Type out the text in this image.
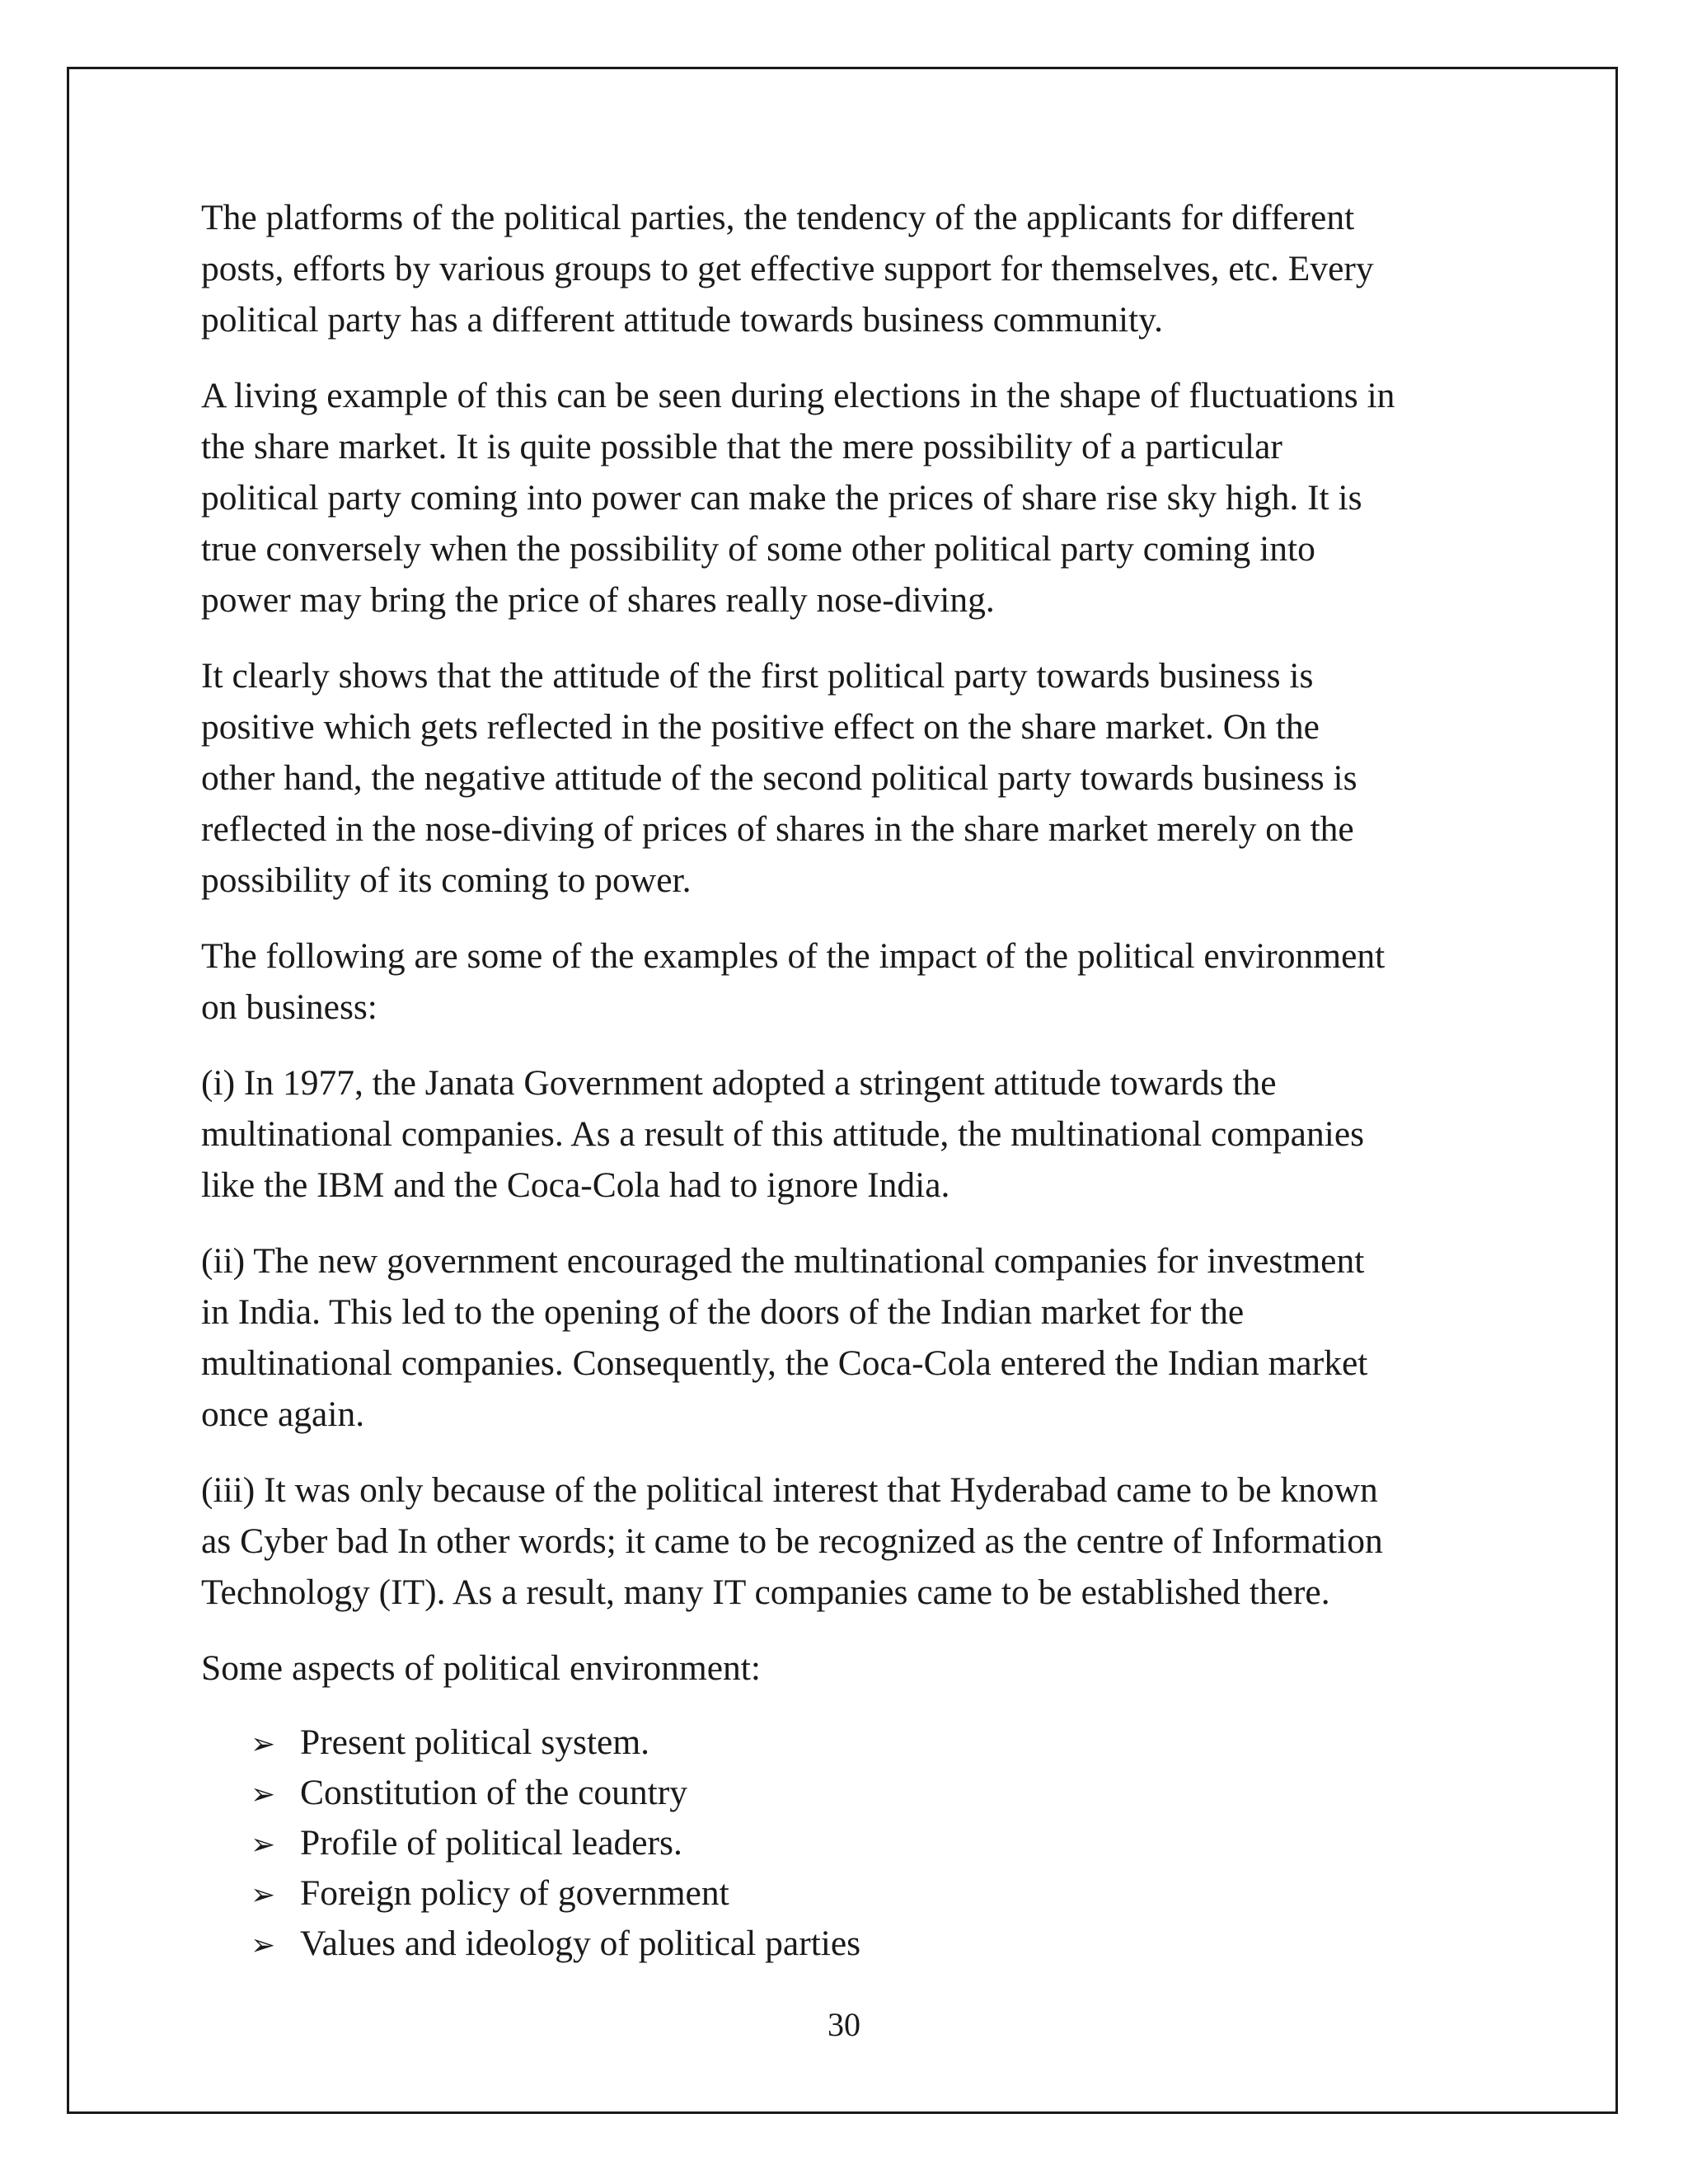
The platforms of the political parties, the tendency of the applicants for different
posts, efforts by various groups to get effective support for themselves, etc. Every
political party has a different attitude towards business community.

A living example of this can be seen during elections in the shape of fluctuations in
the share market. It is quite possible that the mere possibility of a particular
political party coming into power can make the prices of share rise sky high. It is
true conversely when the possibility of some other political party coming into
power may bring the price of shares really nose-diving.

It clearly shows that the attitude of the first political party towards business is
positive which gets reflected in the positive effect on the share market. On the
other hand, the negative attitude of the second political party towards business is
reflected in the nose-diving of prices of shares in the share market merely on the
possibility of its coming to power.

The following are some of the examples of the impact of the political environment
on business:

(i) In 1977, the Janata Government adopted a stringent attitude towards the
multinational companies. As a result of this attitude, the multinational companies
like the IBM and the Coca-Cola had to ignore India.

(ii) The new government encouraged the multinational companies for investment
in India. This led to the opening of the doors of the Indian market for the
multinational companies. Consequently, the Coca-Cola entered the Indian market
once again.

(iii) It was only because of the political interest that Hyderabad came to be known
as Cyber bad In other words; it came to be recognized as the centre of Information
Technology (IT). As a result, many IT companies came to be established there.

Some aspects of political environment:

➢ Present political system.
➢ Constitution of the country
➢ Profile of political leaders.
➢ Foreign policy of government
➢ Values and ideology of political parties
30
